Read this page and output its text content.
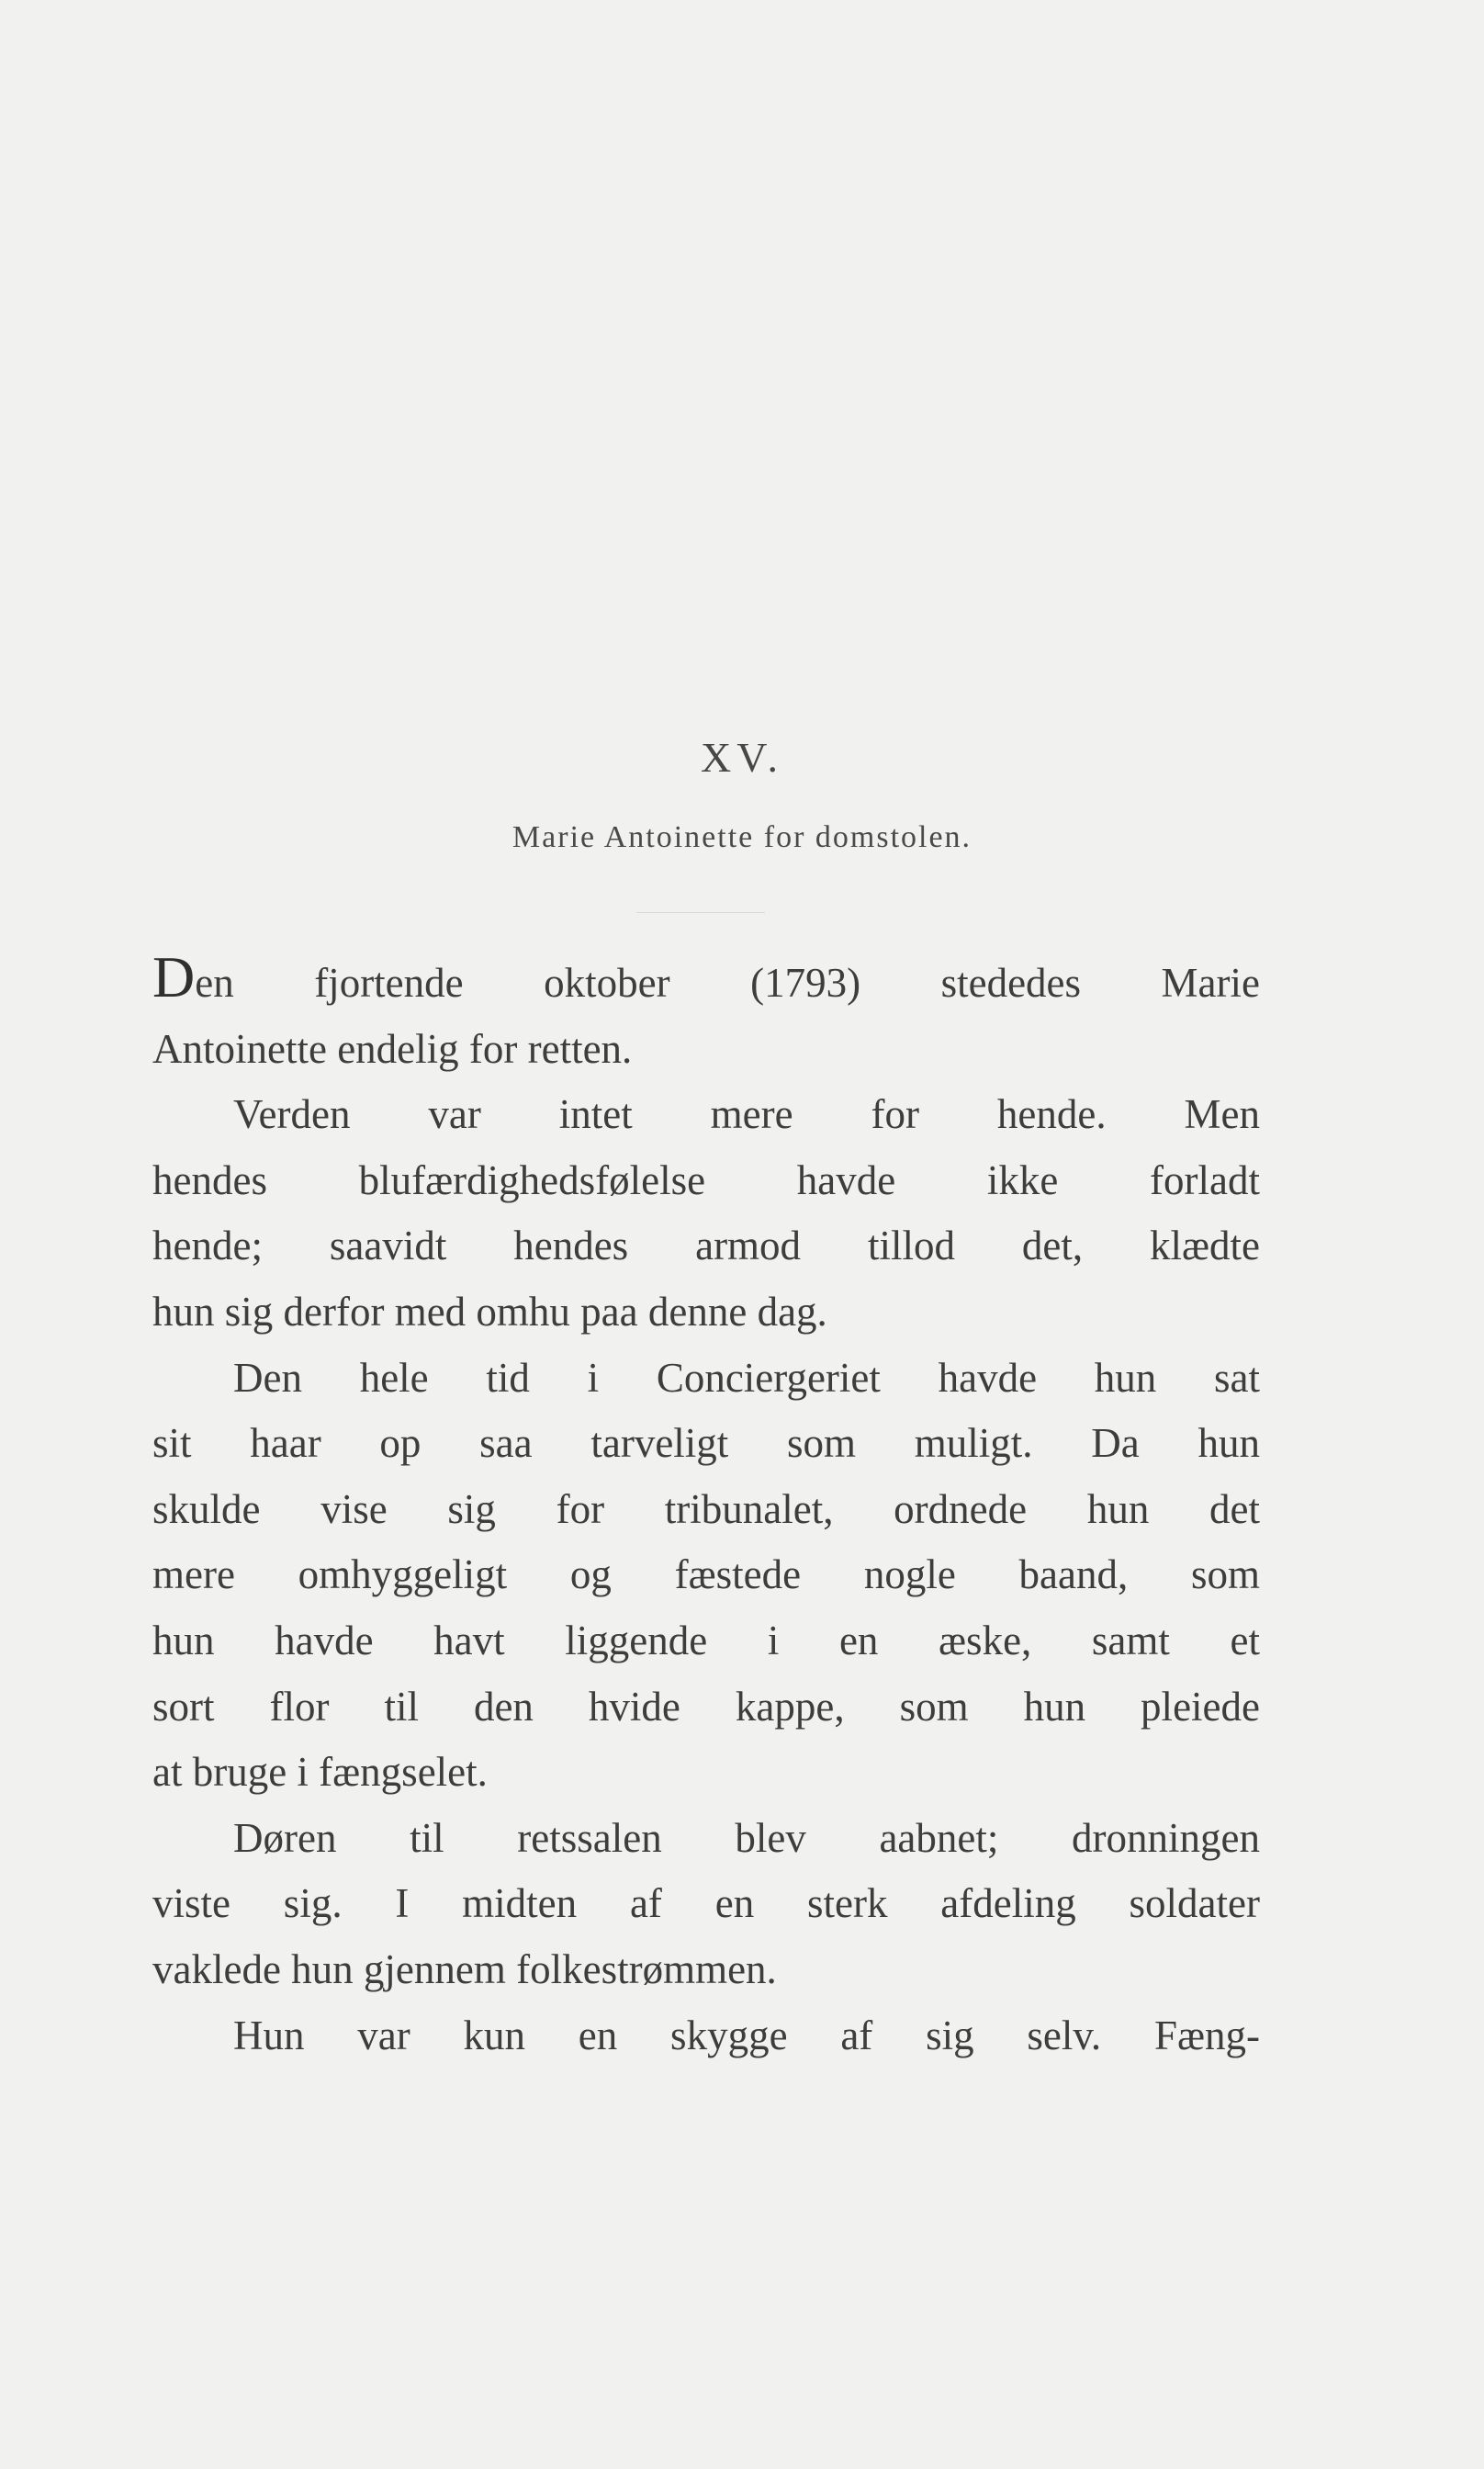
XV.
Marie Antoinette for domstolen.

Den fjortende oktober (1793) stededes Marie
Antoinette endelig for retten.

Verden var intet mere for hende. Men
hendes blufærdighedsfølelse havde ikke forladt
hende; saavidt hendes armod tillod det, klædte
hun sig derfor med omhu paa denne dag.

Den hele tid i Conciergeriet havde hun sat
sit haar op saa tarveligt som muligt. Da hun
skulde vise sig for tribunalet, ordnede hun det
mere omhyggeligt og fæstede nogle baand, som
hun havde havt liggende i en æske, samt et
sort flor til den hvide kappe, som hun pleiede
at bruge i fængselet.

Døren til retssalen blev aabnet; dronningen
viste sig. I midten af en sterk afdeling soldater
vaklede hun gjennem folkestrømmen.

Hun var kun en skygge af sig selv. Fæng-
